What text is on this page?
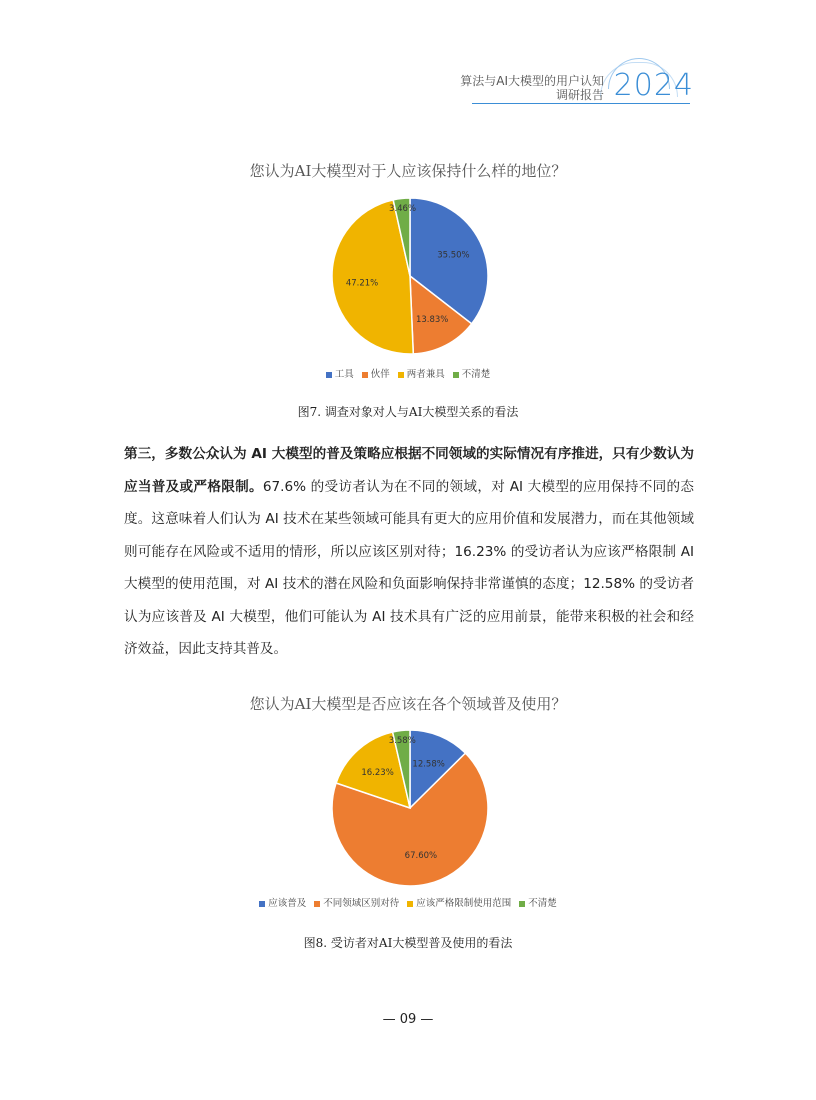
算法与AI大模型的用户认知
调研报告 2024
您认为AI大模型对于人应该保持什么样的地位？
35.50%
13.83%
47.21%
3.46%
工具 伙伴 两者兼具 不清楚
图7. 调查对象对人与AI大模型关系的看法
第三，多数公众认为 AI 大模型的普及策略应根据不同领域的实际情况有序推进，只有少数认为应当普及或严格限制。67.6% 的受访者认为在不同的领域，对 AI 大模型的应用保持不同的态度。这意味着人们认为 AI 技术在某些领域可能具有更大的应用价值和发展潜力，而在其他领域则可能存在风险或不适用的情形，所以应该区别对待；16.23% 的受访者认为应该严格限制 AI 大模型的使用范围，对 AI 技术的潜在风险和负面影响保持非常谨慎的态度；12.58% 的受访者认为应该普及 AI 大模型，他们可能认为 AI 技术具有广泛的应用前景，能带来积极的社会和经济效益，因此支持其普及。
您认为AI大模型是否应该在各个领域普及使用？
12.58%
67.60%
16.23%
3.58%
应该普及 不同领域区别对待 应该严格限制使用范围 不清楚
图8. 受访者对AI大模型普及使用的看法
— 09 —
